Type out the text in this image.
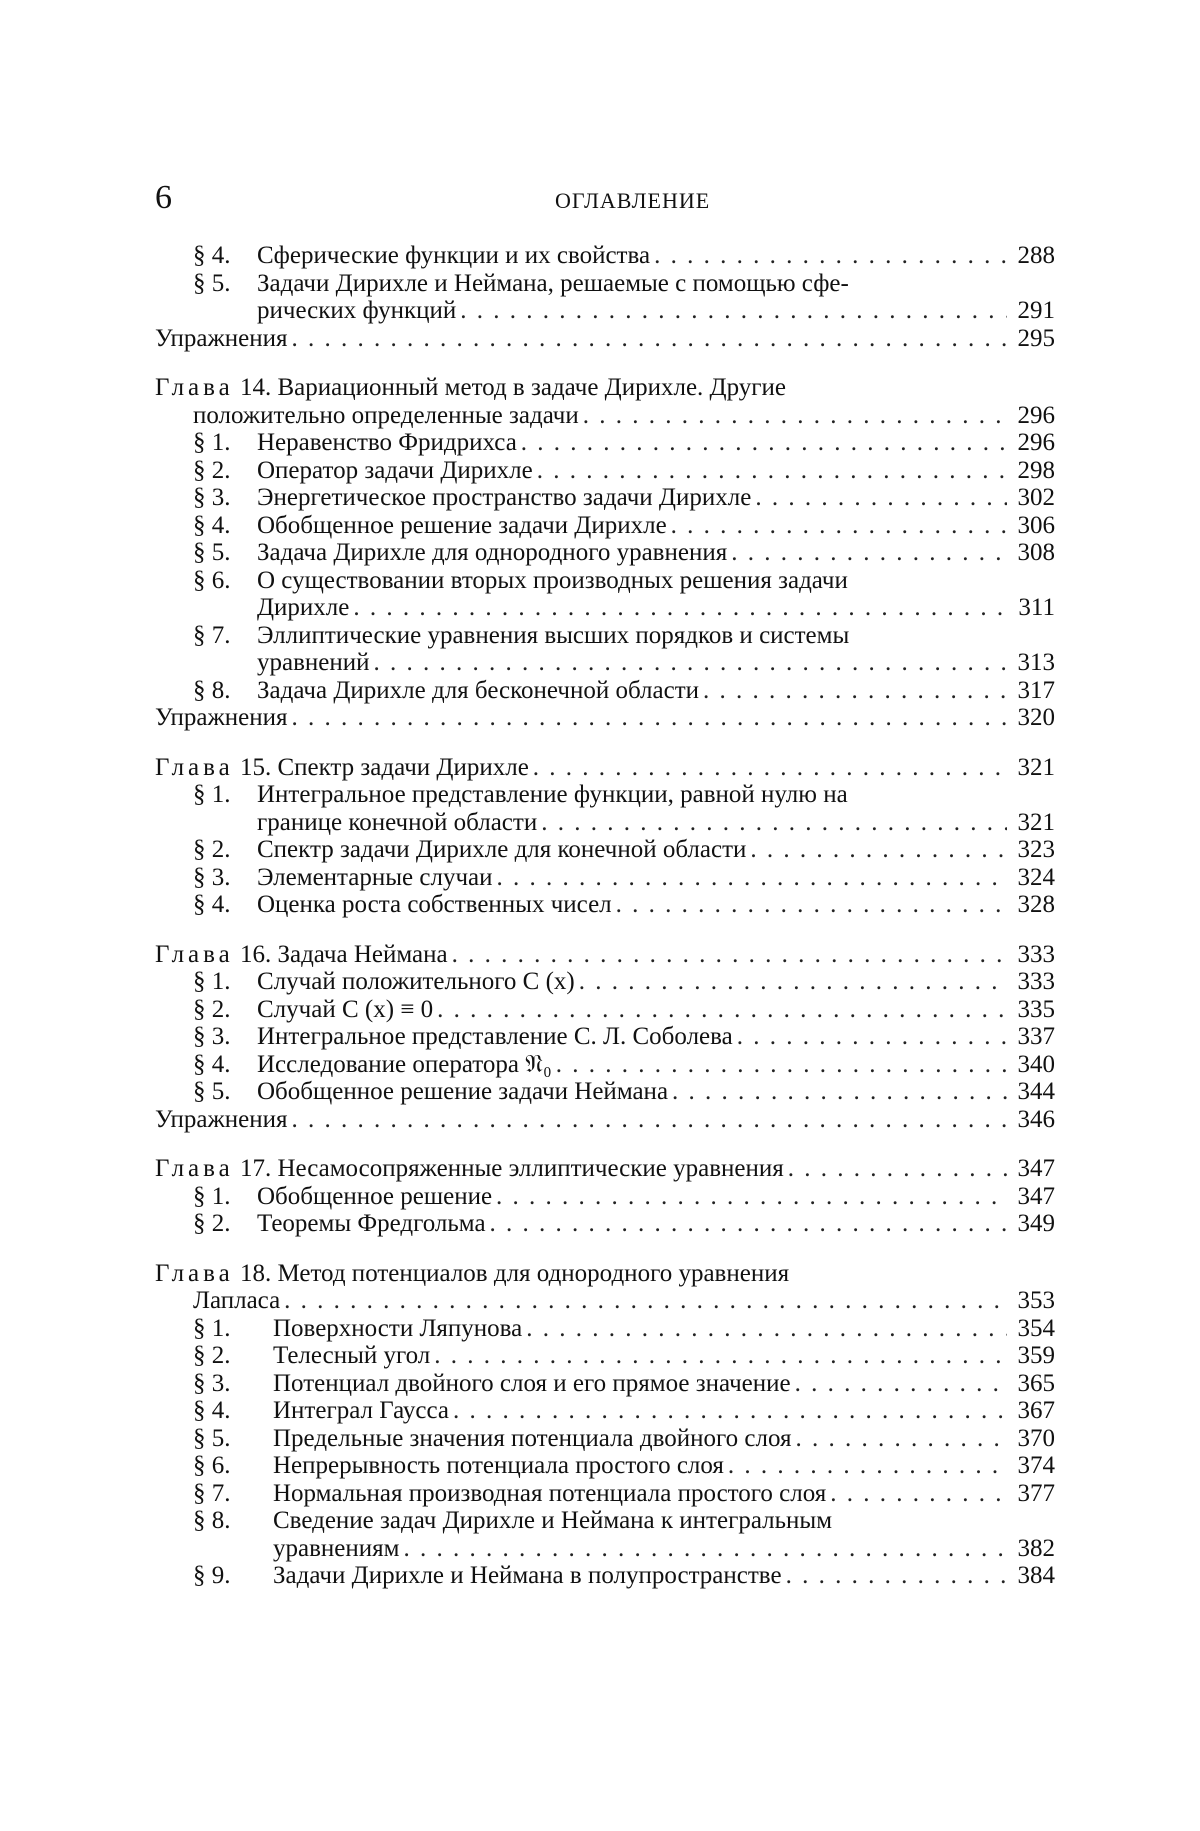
6	ОГЛАВЛЕНИЕ
§ 4. Сферические функции и их свойства . . .	288
§ 5. Задачи Дирихле и Неймана, решаемые с помощью сфе-
рических функций . . .	291
Упражнения . . .	295
Глава 14. Вариационный метод в задаче Дирихле. Другие
положительно определенные задачи . . .	296
§ 1. Неравенство Фридрихса . . .	296
§ 2. Оператор задачи Дирихле . . .	298
§ 3. Энергетическое пространство задачи Дирихле . . .	302
§ 4. Обобщенное решение задачи Дирихле . . .	306
§ 5. Задача Дирихле для однородного уравнения . . .	308
§ 6. О существовании вторых производных решения задачи
Дирихле . . .	311
§ 7. Эллиптические уравнения высших порядков и системы
уравнений . . .	313
§ 8. Задача Дирихле для бесконечной области . . .	317
Упражнения . . .	320
Глава 15. Спектр задачи Дирихле . . .	321
§ 1. Интегральное представление функции, равной нулю на
границе конечной области . . .	321
§ 2. Спектр задачи Дирихле для конечной области . . .	323
§ 3. Элементарные случаи . . .	324
§ 4. Оценка роста собственных чисел . . .	328
Глава 16. Задача Неймана . . .	333
§ 1. Случай положительного C (x) . . .	333
§ 2. Случай C (x) ≡ 0 . . .	335
§ 3. Интегральное представление С. Л. Соболева . . .	337
§ 4. Исследование оператора 𝔑₀ . . .	340
§ 5. Обобщенное решение задачи Неймана . . .	344
Упражнения . . .	346
Глава 17. Несамосопряженные эллиптические уравнения . . .	347
§ 1. Обобщенное решение . . .	347
§ 2. Теоремы Фредгольма . . .	349
Глава 18. Метод потенциалов для однородного уравнения
Лапласа . . .	353
§ 1. Поверхности Ляпунова . . .	354
§ 2. Телесный угол . . .	359
§ 3. Потенциал двойного слоя и его прямое значение . . .	365
§ 4. Интеграл Гаусса . . .	367
§ 5. Предельные значения потенциала двойного слоя . . .	370
§ 6. Непрерывность потенциала простого слоя . . .	374
§ 7. Нормальная производная потенциала простого слоя . . .	377
§ 8. Сведение задач Дирихле и Неймана к интегральным
уравнениям . . .	382
§ 9. Задачи Дирихле и Неймана в полупространстве . . .	384
